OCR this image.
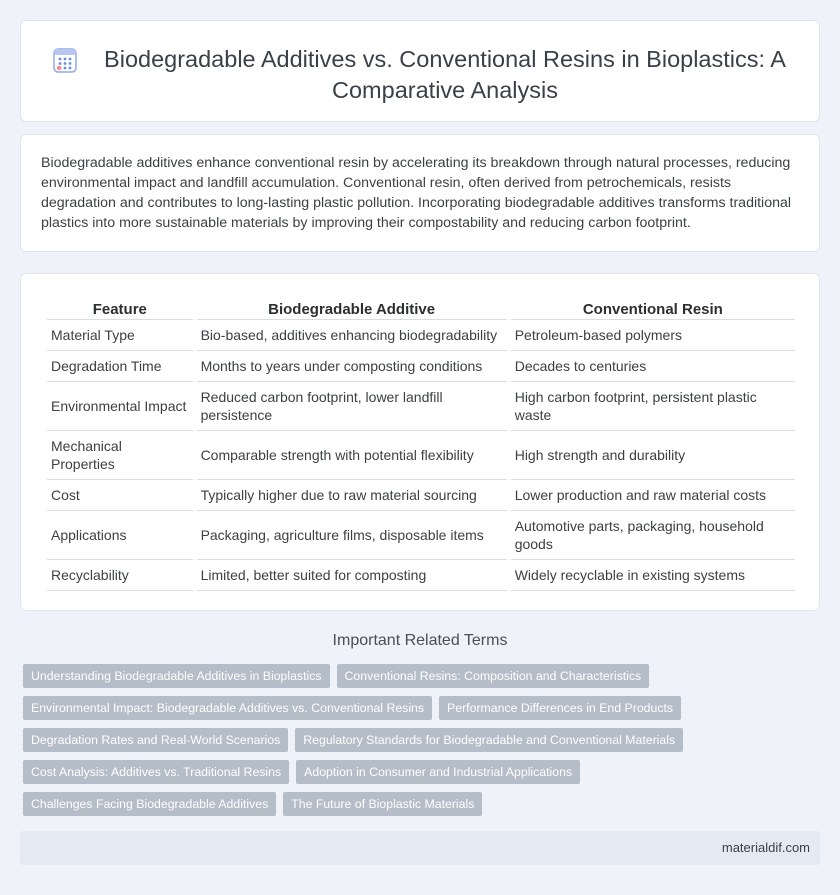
Biodegradable Additives vs. Conventional Resins in Bioplastics: A Comparative Analysis

Biodegradable additives enhance conventional resin by accelerating its breakdown through natural processes, reducing environmental impact and landfill accumulation. Conventional resin, often derived from petrochemicals, resists degradation and contributes to long-lasting plastic pollution. Incorporating biodegradable additives transforms traditional plastics into more sustainable materials by improving their compostability and reducing carbon footprint.

Feature	Biodegradable Additive	Conventional Resin
Material Type	Bio-based, additives enhancing biodegradability	Petroleum-based polymers
Degradation Time	Months to years under composting conditions	Decades to centuries
Environmental Impact	Reduced carbon footprint, lower landfill persistence	High carbon footprint, persistent plastic waste
Mechanical Properties	Comparable strength with potential flexibility	High strength and durability
Cost	Typically higher due to raw material sourcing	Lower production and raw material costs
Applications	Packaging, agriculture films, disposable items	Automotive parts, packaging, household goods
Recyclability	Limited, better suited for composting	Widely recyclable in existing systems
Important Related Terms
Understanding Biodegradable Additives in Bioplastics	Conventional Resins: Composition and Characteristics
Environmental Impact: Biodegradable Additives vs. Conventional Resins	Performance Differences in End Products
Degradation Rates and Real-World Scenarios	Regulatory Standards for Biodegradable and Conventional Materials
Cost Analysis: Additives vs. Traditional Resins	Adoption in Consumer and Industrial Applications
Challenges Facing Biodegradable Additives	The Future of Bioplastic Materials
materialdif.com
